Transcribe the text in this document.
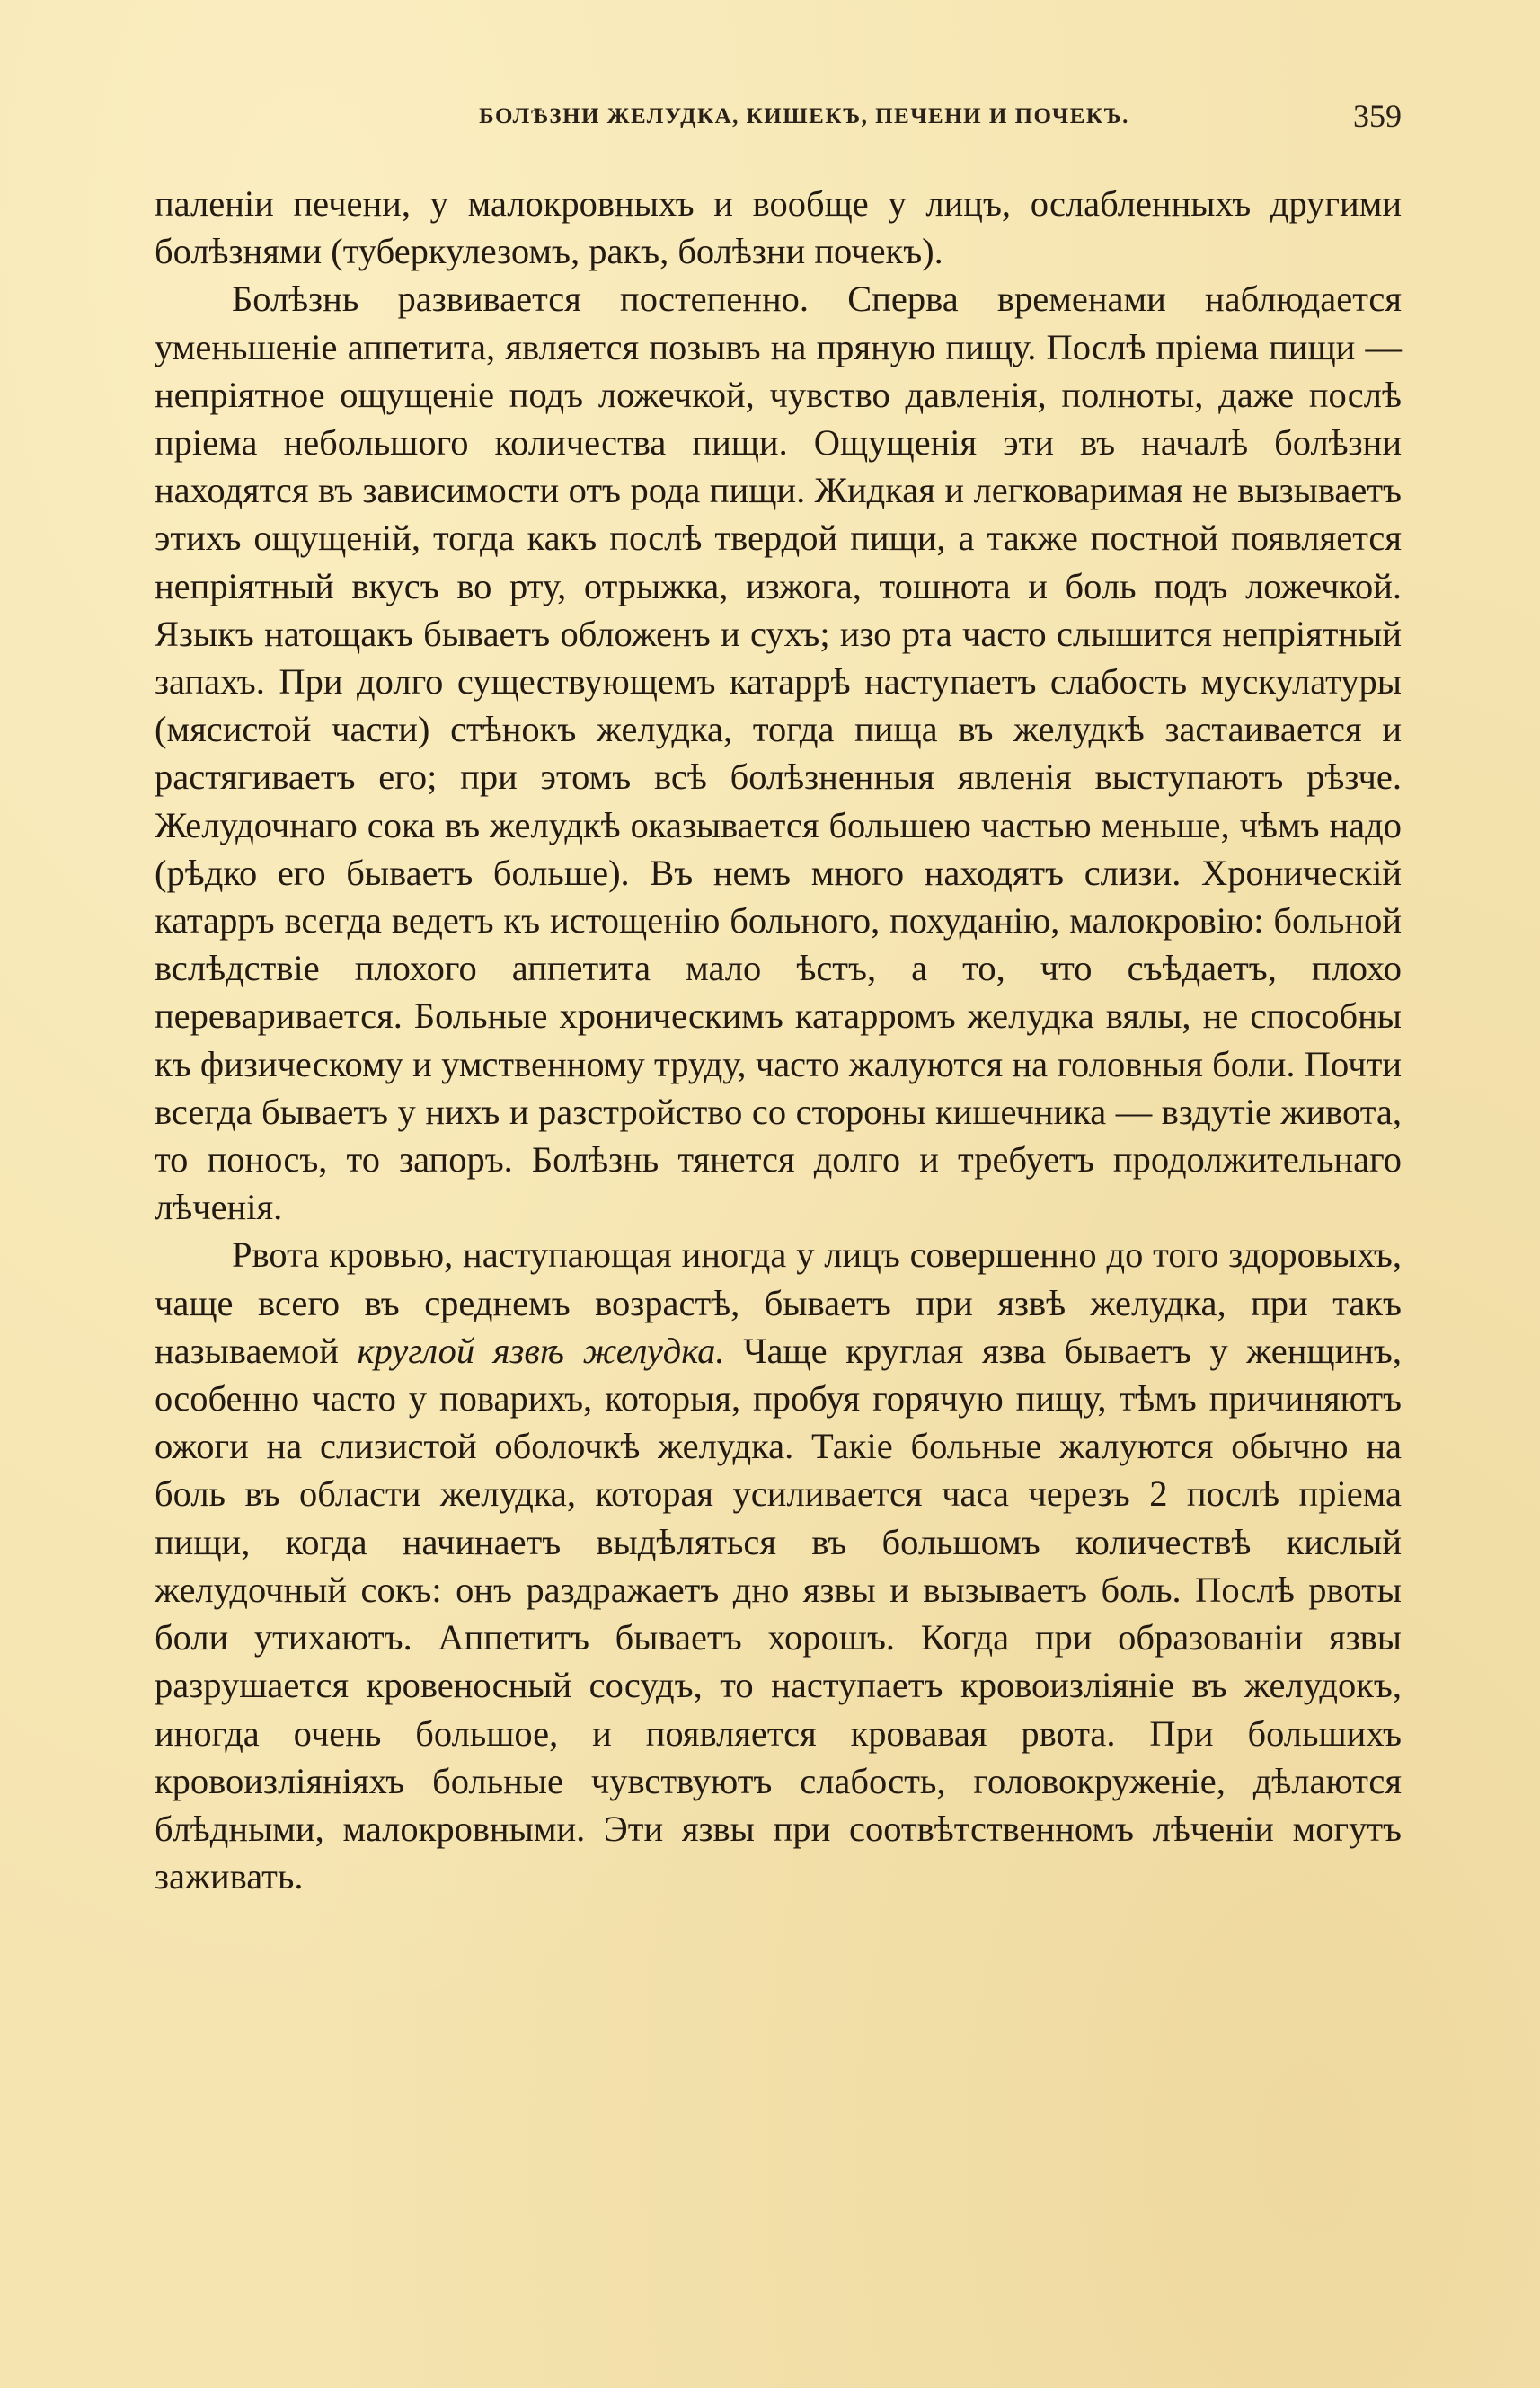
БОЛѢЗНИ ЖЕЛУДКА, КИШЕКЪ, ПЕЧЕНИ И ПОЧЕКЪ.	359

паленіи печени, у малокровныхъ и вообще у лицъ, ослабленныхъ другими болѣзнями (туберкулезомъ, ракъ, болѣзни почекъ).

Болѣзнь развивается постепенно. Сперва временами наблюдается уменьшеніе аппетита, является позывъ на пряную пищу. Послѣ пріема пищи — непріятное ощущеніе подъ ложечкой, чувство давленія, полноты, даже послѣ пріема небольшого количества пищи. Ощущенія эти въ началѣ болѣзни находятся въ зависимости отъ рода пищи. Жидкая и легковаримая не вызываетъ этихъ ощущеній, тогда какъ послѣ твердой пищи, а также постной появляется непріятный вкусъ во рту, отрыжка, изжога, тошнота и боль подъ ложечкой. Языкъ натощакъ бываетъ обложенъ и сухъ; изо рта часто слышится непріятный запахъ. При долго существующемъ катаррѣ наступаетъ слабость мускулатуры (мясистой части) стѣнокъ желудка, тогда пища въ желудкѣ застаивается и растягиваетъ его; при этомъ всѣ болѣзненныя явленія выступаютъ рѣзче. Желудочнаго сока въ желудкѣ оказывается большею частью меньше, чѣмъ надо (рѣдко его бываетъ больше). Въ немъ много находятъ слизи. Хроническій катарръ всегда ведетъ къ истощенію больного, похуданію, малокровію: больной вслѣдствіе плохого аппетита мало ѣстъ, а то, что съѣдаетъ, плохо переваривается. Больные хроническимъ катарромъ желудка вялы, не способны къ физическому и умственному труду, часто жалуются на головныя боли. Почти всегда бываетъ у нихъ и разстройство со стороны кишечника — вздутіе живота, то поносъ, то запоръ. Болѣзнь тянется долго и требуетъ продолжительнаго лѣченія.

Рвота кровью, наступающая иногда у лицъ совершенно до того здоровыхъ, чаще всего въ среднемъ возрастѣ, бываетъ при язвѣ желудка, при такъ называемой круглой язвѣ желудка. Чаще круглая язва бываетъ у женщинъ, особенно часто у поварихъ, которыя, пробуя горячую пищу, тѣмъ причиняютъ ожоги на слизистой оболочкѣ желудка. Такіе больные жалуются обычно на боль въ области желудка, которая усиливается часа черезъ 2 послѣ пріема пищи, когда начинаетъ выдѣляться въ большомъ количествѣ кислый желудочный сокъ: онъ раздражаетъ дно язвы и вызываетъ боль. Послѣ рвоты боли утихаютъ. Аппетитъ бываетъ хорошъ. Когда при образованіи язвы разрушается кровеносный сосудъ, то наступаетъ кровоизліяніе въ желудокъ, иногда очень большое, и появляется кровавая рвота. При большихъ кровоизліяніяхъ больные чувствуютъ слабость, головокруженіе, дѣлаются блѣдными, малокровными. Эти язвы при соотвѣтственномъ лѣченіи могутъ заживать.
